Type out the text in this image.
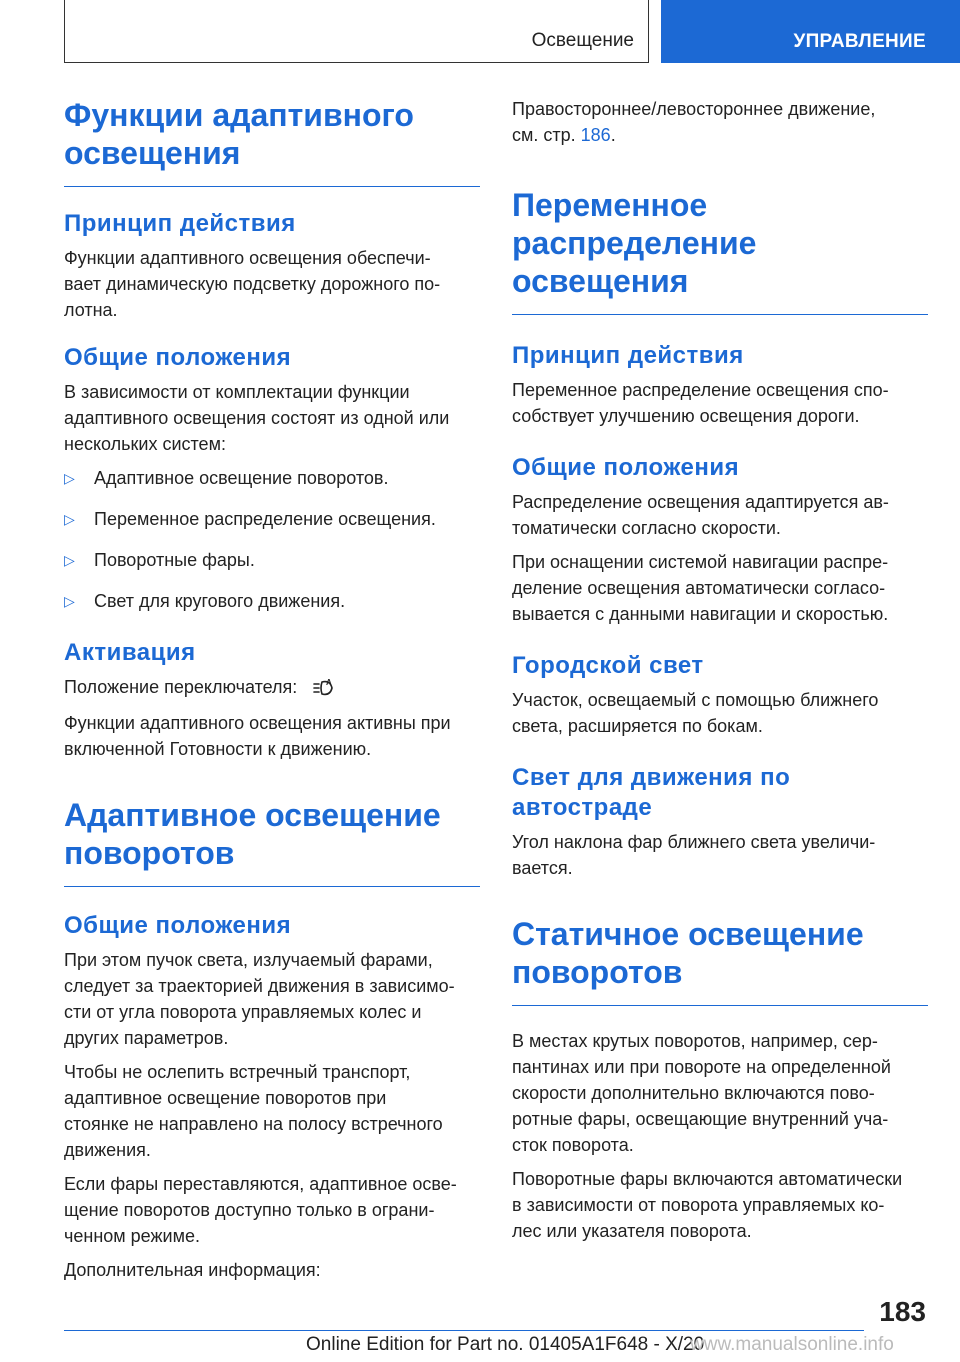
Освещение	УПРАВЛЕНИЕ
Функции адаптивного
освещения
Принцип действия
Функции адаптивного освещения обеспечи-
вает динамическую подсветку дорожного по-
лотна.
Общие положения
В зависимости от комплектации функции
адаптивного освещения состоят из одной или
нескольких систем:
▷ Адаптивное освещение поворотов.
▷ Переменное распределение освещения.
▷ Поворотные фары.
▷ Свет для кругового движения.
Активация
Положение переключателя:	A
Функции адаптивного освещения активны при
включенной Готовности к движению.
Адаптивное освещение
поворотов
Общие положения
При этом пучок света, излучаемый фарами,
следует за траекторией движения в зависимо-
сти от угла поворота управляемых колес и
других параметров.
Чтобы не ослепить встречный транспорт,
адаптивное освещение поворотов при
стоянке не направлено на полосу встречного
движения.
Если фары переставляются, адаптивное осве-
щение поворотов доступно только в ограни-
ченном режиме.
Дополнительная информация:
Правостороннее/левостороннее движение,
см. стр. 186.
Переменное
распределение
освещения
Принцип действия
Переменное распределение освещения спо-
собствует улучшению освещения дороги.
Общие положения
Распределение освещения адаптируется ав-
томатически согласно скорости.
При оснащении системой навигации распре-
деление освещения автоматически согласо-
вывается с данными навигации и скоростью.
Городской свет
Участок, освещаемый с помощью ближнего
света, расширяется по бокам.
Свет для движения по
автостраде
Угол наклона фар ближнего света увеличи-
вается.
Статичное освещение
поворотов
В местах крутых поворотов, например, сер-
пантинах или при повороте на определенной
скорости дополнительно включаются пово-
ротные фары, освещающие внутренний уча-
сток поворота.
Поворотные фары включаются автоматически
в зависимости от поворота управляемых ко-
лес или указателя поворота.
183
Online Edition for Part no. 01405A1F648 - X/20
www.manualsonline.info
